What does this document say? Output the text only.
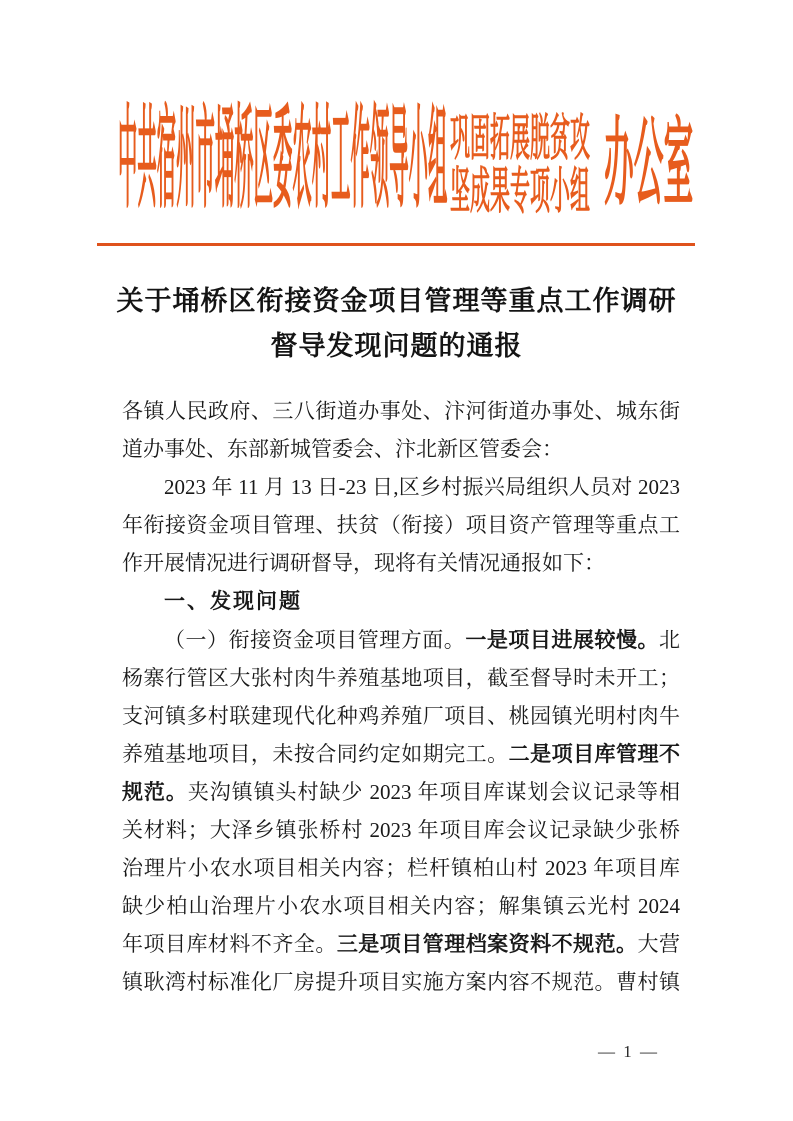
中共宿州市埇桥区委农村工作领导小组 巩固拓展脱贫攻
坚成果专项小组 办公室
关于埇桥区衔接资金项目管理等重点工作调研
督导发现问题的通报
各镇人民政府、三八街道办事处、汴河街道办事处、城东街
道办事处、东部新城管委会、汴北新区管委会：
2023 年 11 月 13 日-23 日,区乡村振兴局组织人员对 2023
年衔接资金项目管理、扶贫（衔接）项目资产管理等重点工
作开展情况进行调研督导，现将有关情况通报如下：
一、发现问题
（一）衔接资金项目管理方面。一是项目进展较慢。北
杨寨行管区大张村肉牛养殖基地项目，截至督导时未开工；
支河镇多村联建现代化种鸡养殖厂项目、桃园镇光明村肉牛
养殖基地项目，未按合同约定如期完工。二是项目库管理不
规范。夹沟镇镇头村缺少 2023 年项目库谋划会议记录等相
关材料；大泽乡镇张桥村 2023 年项目库会议记录缺少张桥
治理片小农水项目相关内容；栏杆镇柏山村 2023 年项目库
缺少柏山治理片小农水项目相关内容；解集镇云光村 2024
年项目库材料不齐全。三是项目管理档案资料不规范。大营
镇耿湾村标准化厂房提升项目实施方案内容不规范。曹村镇
— 1 —
